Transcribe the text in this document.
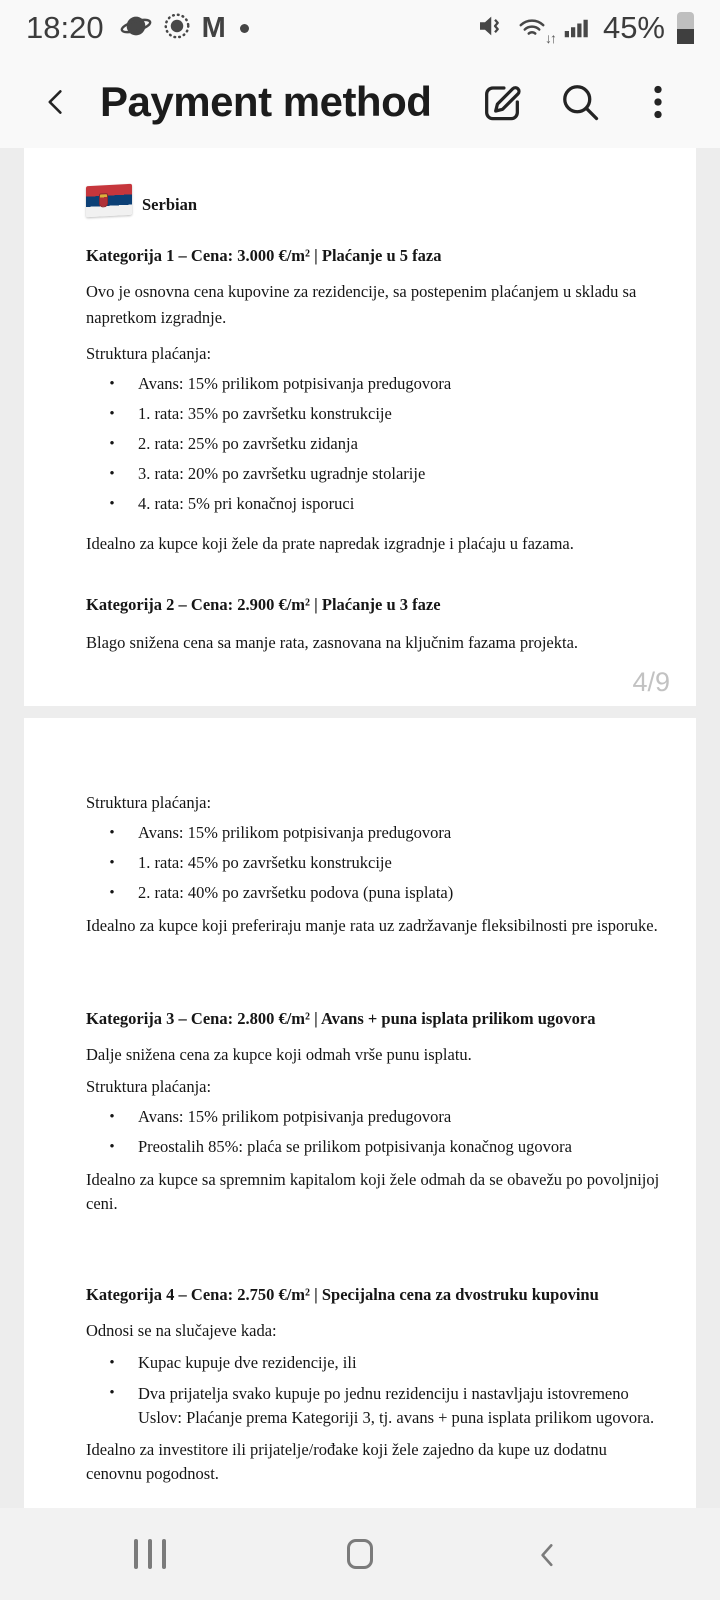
18:20	M	↓↑ 45%
Payment method
Serbian
Kategorija 1 – Cena: 3.000 €/m² | Plaćanje u 5 faza
Ovo je osnovna cena kupovine za rezidencije, sa postepenim plaćanjem u skladu sa napretkom izgradnje.
Struktura plaćanja:
•	Avans: 15% prilikom potpisivanja predugovora
•	1. rata: 35% po završetku konstrukcije
•	2. rata: 25% po završetku zidanja
•	3. rata: 20% po završetku ugradnje stolarije
•	4. rata: 5% pri konačnoj isporuci
Idealno za kupce koji žele da prate napredak izgradnje i plaćaju u fazama.
Kategorija 2 – Cena: 2.900 €/m² | Plaćanje u 3 faze
Blago snižena cena sa manje rata, zasnovana na ključnim fazama projekta.
4/9
Struktura plaćanja:
•	Avans: 15% prilikom potpisivanja predugovora
•	1. rata: 45% po završetku konstrukcije
•	2. rata: 40% po završetku podova (puna isplata)
Idealno za kupce koji preferiraju manje rata uz zadržavanje fleksibilnosti pre isporuke.
Kategorija 3 – Cena: 2.800 €/m² | Avans + puna isplata prilikom ugovora
Dalje snižena cena za kupce koji odmah vrše punu isplatu.
Struktura plaćanja:
•	Avans: 15% prilikom potpisivanja predugovora
•	Preostalih 85%: plaća se prilikom potpisivanja konačnog ugovora
Idealno za kupce sa spremnim kapitalom koji žele odmah da se obavežu po povoljnijoj ceni.
Kategorija 4 – Cena: 2.750 €/m² | Specijalna cena za dvostruku kupovinu
Odnosi se na slučajeve kada:
•	Kupac kupuje dve rezidencije, ili
•	Dva prijatelja svako kupuje po jednu rezidenciju i nastavljaju istovremeno
Uslov: Plaćanje prema Kategoriji 3, tj. avans + puna isplata prilikom ugovora.
Idealno za investitore ili prijatelje/rođake koji žele zajedno da kupe uz dodatnu cenovnu pogodnost.
